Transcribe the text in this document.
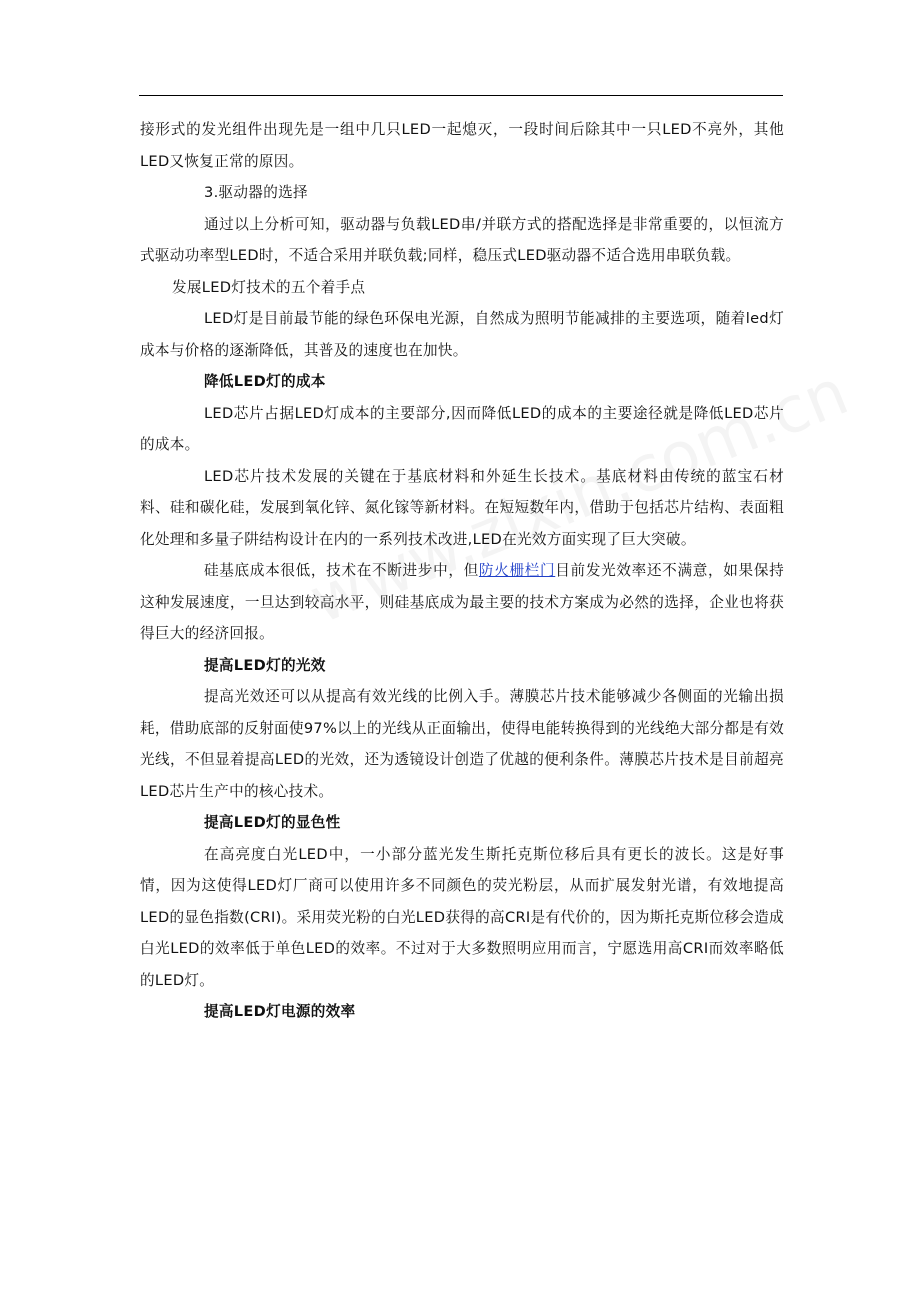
接形式的发光组件出现先是一组中几只LED一起熄灭，一段时间后除其中一只LED不亮外，其他LED又恢复正常的原因。

3.驱动器的选择

通过以上分析可知，驱动器与负载LED串/并联方式的搭配选择是非常重要的，以恒流方式驱动功率型LED时，不适合采用并联负载;同样，稳压式LED驱动器不适合选用串联负载。

发展LED灯技术的五个着手点

LED灯是目前最节能的绿色环保电光源，自然成为照明节能减排的主要选项，随着led灯成本与价格的逐渐降低，其普及的速度也在加快。

降低LED灯的成本

LED芯片占据LED灯成本的主要部分,因而降低LED的成本的主要途径就是降低LED芯片的成本。

LED芯片技术发展的关键在于基底材料和外延生长技术。基底材料由传统的蓝宝石材料、硅和碳化硅，发展到氧化锌、氮化镓等新材料。在短短数年内，借助于包括芯片结构、表面粗化处理和多量子阱结构设计在内的一系列技术改进,LED在光效方面实现了巨大突破。

硅基底成本很低，技术在不断进步中，但防火栅栏门目前发光效率还不满意，如果保持这种发展速度，一旦达到较高水平，则硅基底成为最主要的技术方案成为必然的选择，企业也将获得巨大的经济回报。

提高LED灯的光效

提高光效还可以从提高有效光线的比例入手。薄膜芯片技术能够减少各侧面的光输出损耗，借助底部的反射面使97%以上的光线从正面输出，使得电能转换得到的光线绝大部分都是有效光线，不但显着提高LED的光效，还为透镜设计创造了优越的便利条件。薄膜芯片技术是目前超亮LED芯片生产中的核心技术。

提高LED灯的显色性

在高亮度白光LED中，一小部分蓝光发生斯托克斯位移后具有更长的波长。这是好事情，因为这使得LED灯厂商可以使用许多不同颜色的荧光粉层，从而扩展发射光谱，有效地提高LED的显色指数(CRI)。采用荧光粉的白光LED获得的高CRI是有代价的，因为斯托克斯位移会造成白光LED的效率低于单色LED的效率。不过对于大多数照明应用而言，宁愿选用高CRI而效率略低的LED灯。

提高LED灯电源的效率
